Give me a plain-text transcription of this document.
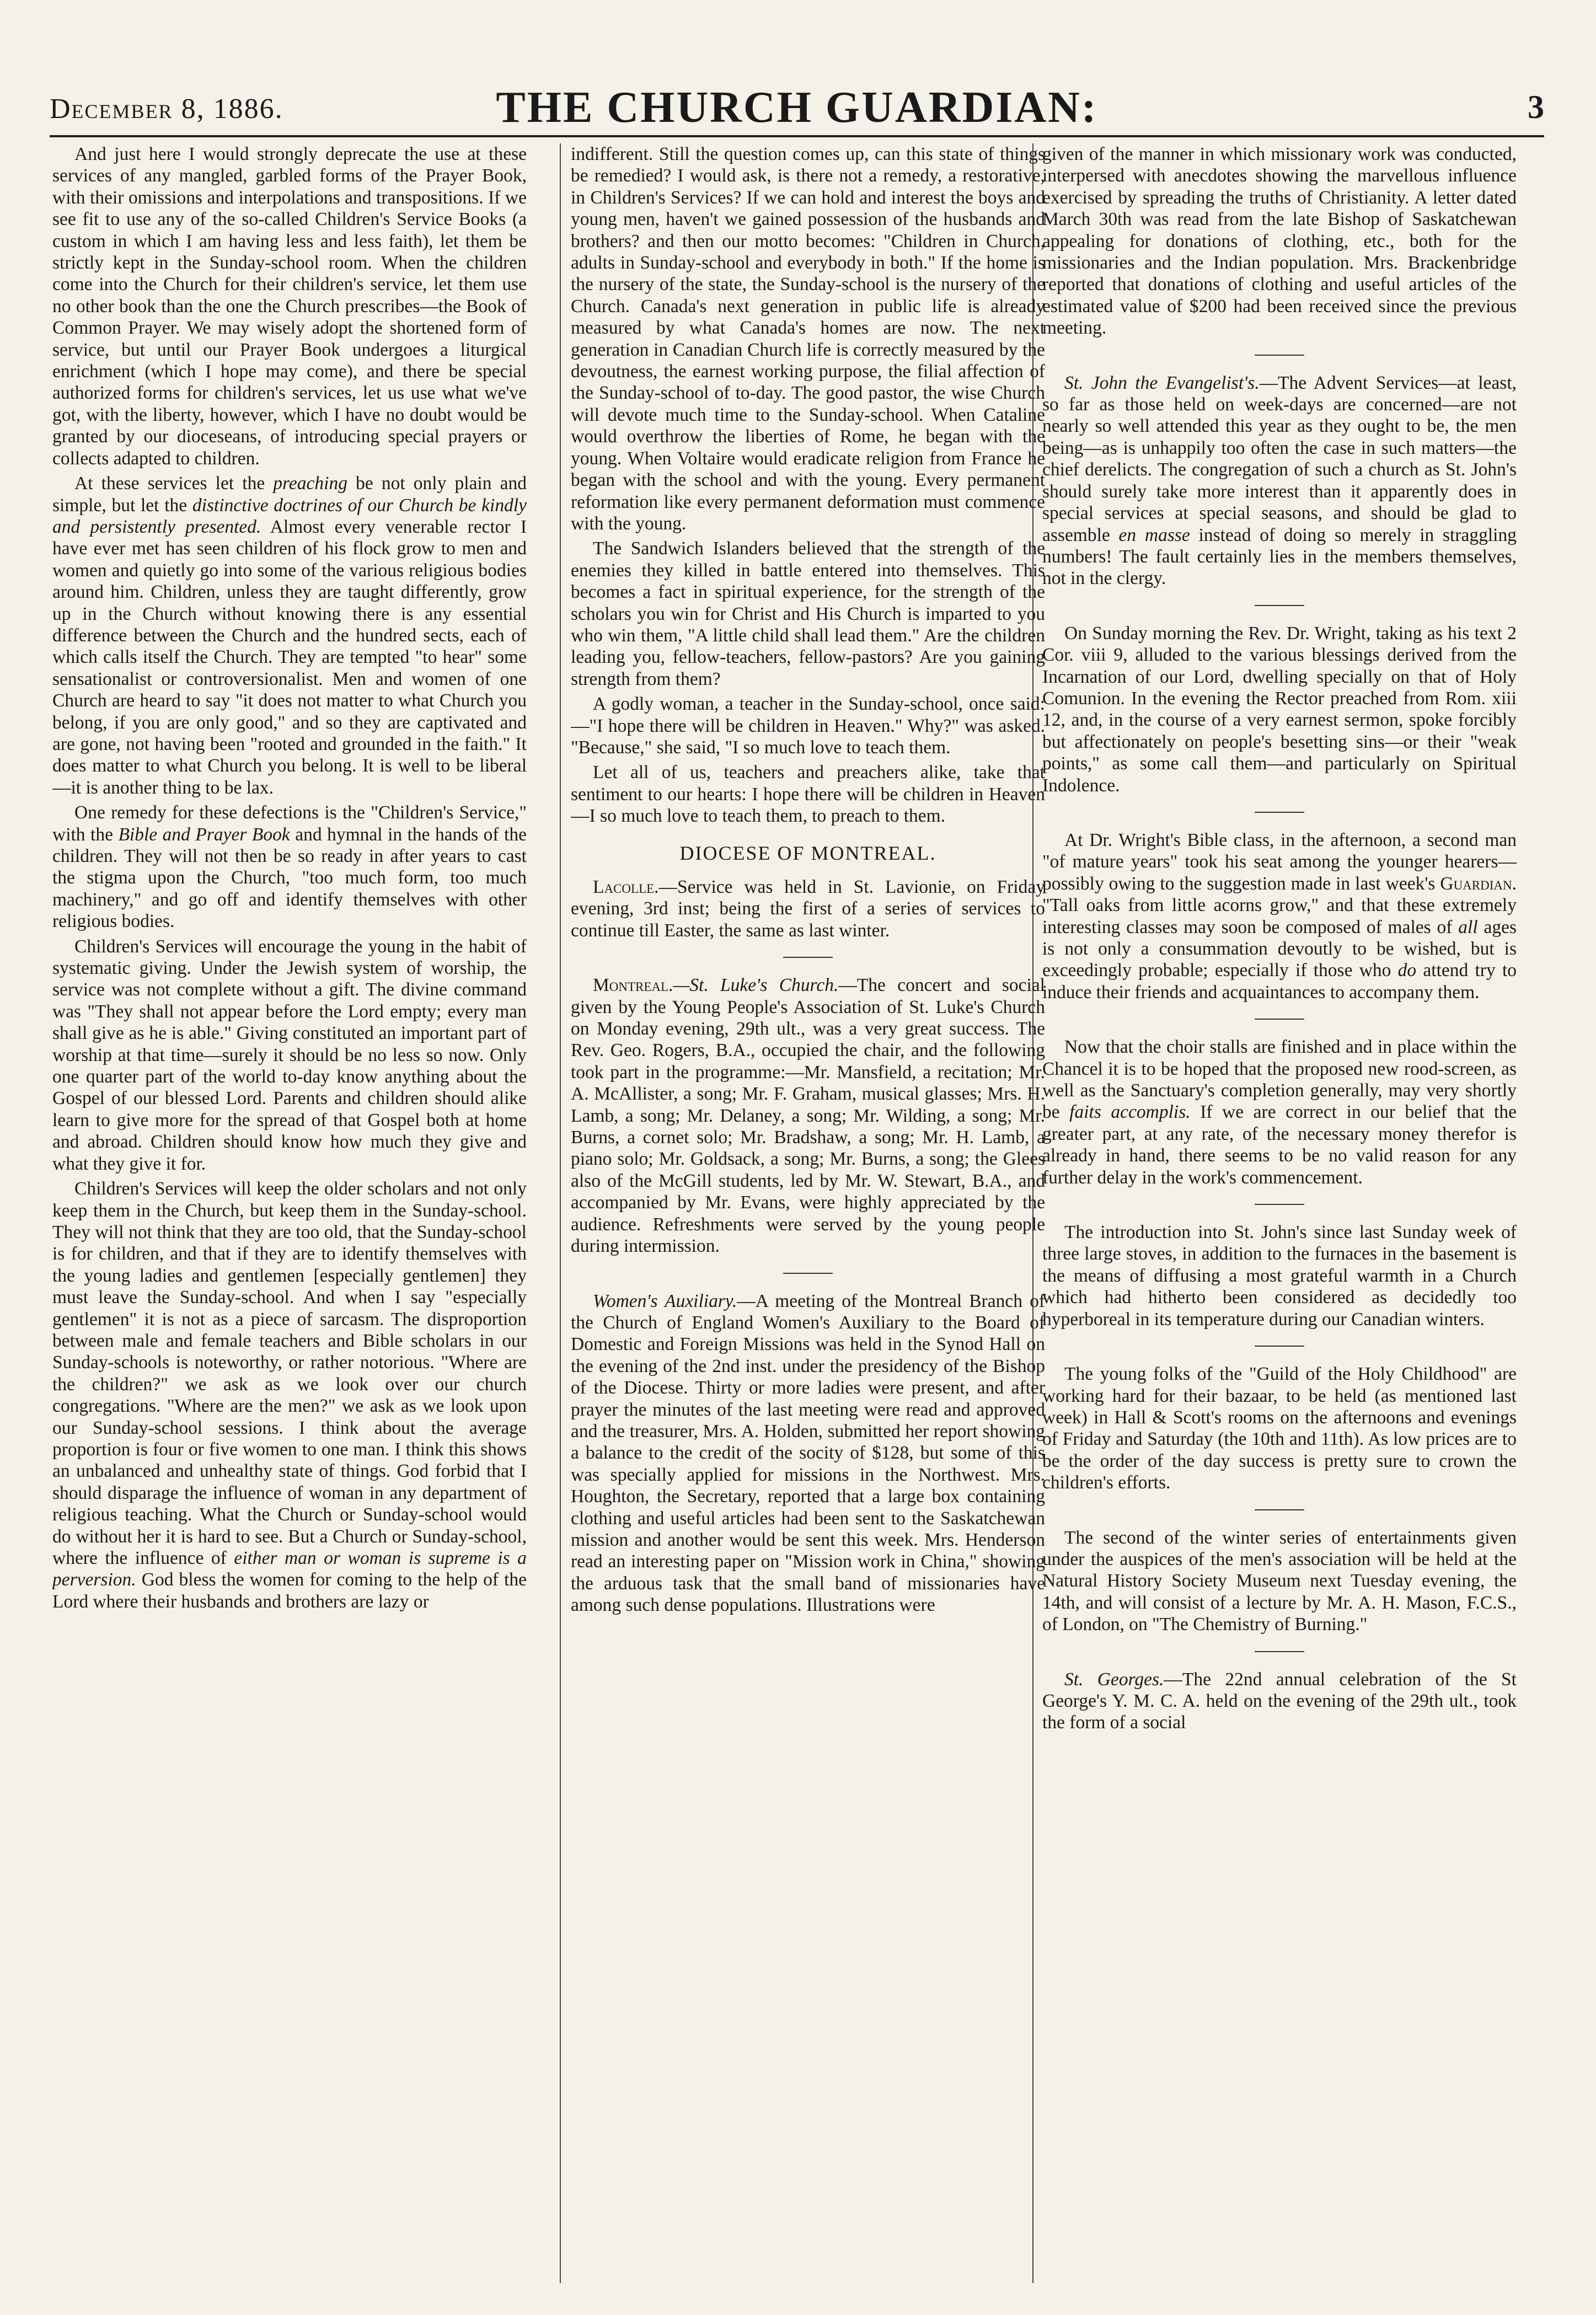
December 8, 1886.	THE CHURCH GUARDIAN:	3

And just here I would strongly deprecate the use at these services of any mangled, garbled forms of the Prayer Book, with their omissions and interpolations and transpositions. If we see fit to use any of the so-called Children's Service Books (a custom in which I am having less and less faith), let them be strictly kept in the Sunday-school room. When the children come into the Church for their children's service, let them use no other book than the one the Church prescribes—the Book of Common Prayer. We may wisely adopt the shortened form of service, but until our Prayer Book undergoes a liturgical enrichment (which I hope may come), and there be special authorized forms for children's services, let us use what we've got, with the liberty, however, which I have no doubt would be granted by our dioceseans, of introducing special prayers or collects adapted to children.

At these services let the preaching be not only plain and simple, but let the distinctive doctrines of our Church be kindly and persistently presented. Almost every venerable rector I have ever met has seen children of his flock grow to men and women and quietly go into some of the various religious bodies around him. Children, unless they are taught differently, grow up in the Church without knowing there is any essential difference between the Church and the hundred sects, each of which calls itself the Church. They are tempted "to hear" some sensationalist or controversionalist. Men and women of one Church are heard to say "it does not matter to what Church you belong, if you are only good," and so they are captivated and are gone, not having been "rooted and grounded in the faith." It does matter to what Church you belong. It is well to be liberal—it is another thing to be lax.

One remedy for these defections is the "Children's Service," with the Bible and Prayer Book and hymnal in the hands of the children. They will not then be so ready in after years to cast the stigma upon the Church, "too much form, too much machinery," and go off and identify themselves with other religious bodies.

Children's Services will encourage the young in the habit of systematic giving. Under the Jewish system of worship, the service was not complete without a gift. The divine command was "They shall not appear before the Lord empty; every man shall give as he is able." Giving constituted an important part of worship at that time—surely it should be no less so now. Only one quarter part of the world to-day know anything about the Gospel of our blessed Lord. Parents and children should alike learn to give more for the spread of that Gospel both at home and abroad. Children should know how much they give and what they give it for.

Children's Services will keep the older scholars and not only keep them in the Church, but keep them in the Sunday-school. They will not think that they are too old, that the Sunday-school is for children, and that if they are to identify themselves with the young ladies and gentlemen [especially gentlemen] they must leave the Sunday-school. And when I say "especially gentlemen" it is not as a piece of sarcasm. The disproportion between male and female teachers and Bible scholars in our Sunday-schools is noteworthy, or rather notorious. "Where are the children?" we ask as we look over our church congregations. "Where are the men?" we ask as we look upon our Sunday-school sessions. I think about the average proportion is four or five women to one man. I think this shows an unbalanced and unhealthy state of things. God forbid that I should disparage the influence of woman in any department of religious teaching. What the Church or Sunday-school would do without her it is hard to see. But a Church or Sunday-school, where the influence of either man or woman is supreme is a perversion. God bless the women for coming to the help of the Lord where their husbands and brothers are lazy or

indifferent. Still the question comes up, can this state of things be remedied? I would ask, is there not a remedy, a restorative, in Children's Services? If we can hold and interest the boys and young men, haven't we gained possession of the husbands and brothers? and then our motto becomes: "Children in Church, adults in Sunday-school and everybody in both." If the home is the nursery of the state, the Sunday-school is the nursery of the Church. Canada's next generation in public life is already measured by what Canada's homes are now. The next generation in Canadian Church life is correctly measured by the devoutness, the earnest working purpose, the filial affection of the Sunday-school of to-day. The good pastor, the wise Church will devote much time to the Sunday-school. When Cataline would overthrow the liberties of Rome, he began with the young. When Voltaire would eradicate religion from France he began with the school and with the young. Every permanent reformation like every permanent deformation must commence with the young.

The Sandwich Islanders believed that the strength of the enemies they killed in battle entered into themselves. This becomes a fact in spiritual experience, for the strength of the scholars you win for Christ and His Church is imparted to you who win them, "A little child shall lead them." Are the children leading you, fellow-teachers, fellow-pastors? Are you gaining strength from them?

A godly woman, a teacher in the Sunday-school, once said:—"I hope there will be children in Heaven." Why?" was asked. "Because," she said, "I so much love to teach them.

Let all of us, teachers and preachers alike, take that sentiment to our hearts: I hope there will be children in Heaven—I so much love to teach them, to preach to them.

DIOCESE OF MONTREAL.

Lacolle.—Service was held in St. Lavionie, on Friday evening, 3rd inst; being the first of a series of services to continue till Easter, the same as last winter.

Montreal.—St. Luke's Church.—The concert and social given by the Young People's Association of St. Luke's Church on Monday evening, 29th ult., was a very great success. The Rev. Geo. Rogers, B.A., occupied the chair, and the following took part in the programme:—Mr. Mansfield, a recitation; Mr. A. McAllister, a song; Mr. F. Graham, musical glasses; Mrs. H. Lamb, a song; Mr. Delaney, a song; Mr. Wilding, a song; Mr. Burns, a cornet solo; Mr. Bradshaw, a song; Mr. H. Lamb, a piano solo; Mr. Goldsack, a song; Mr. Burns, a song; the Glees also of the McGill students, led by Mr. W. Stewart, B.A., and accompanied by Mr. Evans, were highly appreciated by the audience. Refreshments were served by the young people during intermission.

Women's Auxiliary.—A meeting of the Montreal Branch of the Church of England Women's Auxiliary to the Board of Domestic and Foreign Missions was held in the Synod Hall on the evening of the 2nd inst. under the presidency of the Bishop of the Diocese. Thirty or more ladies were present, and after prayer the minutes of the last meeting were read and approved and the treasurer, Mrs. A. Holden, submitted her report showing a balance to the credit of the socity of $128, but some of this was specially applied for missions in the Northwest. Mrs. Houghton, the Secretary, reported that a large box containing clothing and useful articles had been sent to the Saskatchewan mission and another would be sent this week. Mrs. Henderson read an interesting paper on "Mission work in China," showing the arduous task that the small band of missionaries have among such dense populations. Illustrations were

given of the manner in which missionary work was conducted, interpersed with anecdotes showing the marvellous influence exercised by spreading the truths of Christianity. A letter dated March 30th was read from the late Bishop of Saskatchewan appealing for donations of clothing, etc., both for the missionaries and the Indian population. Mrs. Brackenbridge reported that donations of clothing and useful articles of the estimated value of $200 had been received since the previous meeting.

St. John the Evangelist's.—The Advent Services—at least, so far as those held on week-days are concerned—are not nearly so well attended this year as they ought to be, the men being—as is unhappily too often the case in such matters—the chief derelicts. The congregation of such a church as St. John's should surely take more interest than it apparently does in special services at special seasons, and should be glad to assemble en masse instead of doing so merely in straggling numbers! The fault certainly lies in the members themselves, not in the clergy.

On Sunday morning the Rev. Dr. Wright, taking as his text 2 Cor. viii 9, alluded to the various blessings derived from the Incarnation of our Lord, dwelling specially on that of Holy Comunion. In the evening the Rector preached from Rom. xiii 12, and, in the course of a very earnest sermon, spoke forcibly but affectionately on people's besetting sins—or their "weak points," as some call them—and particularly on Spiritual Indolence.

At Dr. Wright's Bible class, in the afternoon, a second man "of mature years" took his seat among the younger hearers—possibly owing to the suggestion made in last week's Guardian. "Tall oaks from little acorns grow," and that these extremely interesting classes may soon be composed of males of all ages is not only a consummation devoutly to be wished, but is exceedingly probable; especially if those who do attend try to induce their friends and acquaintances to accompany them.

Now that the choir stalls are finished and in place within the Chancel it is to be hoped that the proposed new rood-screen, as well as the Sanctuary's completion generally, may very shortly be faits accomplis. If we are correct in our belief that the greater part, at any rate, of the necessary money therefor is already in hand, there seems to be no valid reason for any further delay in the work's commencement.

The introduction into St. John's since last Sunday week of three large stoves, in addition to the furnaces in the basement is the means of diffusing a most grateful warmth in a Church which had hitherto been considered as decidedly too hyperboreal in its temperature during our Canadian winters.

The young folks of the "Guild of the Holy Childhood" are working hard for their bazaar, to be held (as mentioned last week) in Hall & Scott's rooms on the afternoons and evenings of Friday and Saturday (the 10th and 11th). As low prices are to be the order of the day success is pretty sure to crown the children's efforts.

The second of the winter series of entertainments given under the auspices of the men's association will be held at the Natural History Society Museum next Tuesday evening, the 14th, and will consist of a lecture by Mr. A. H. Mason, F.C.S., of London, on "The Chemistry of Burning."

St. Georges.—The 22nd annual celebration of the St George's Y. M. C. A. held on the evening of the 29th ult., took the form of a social
